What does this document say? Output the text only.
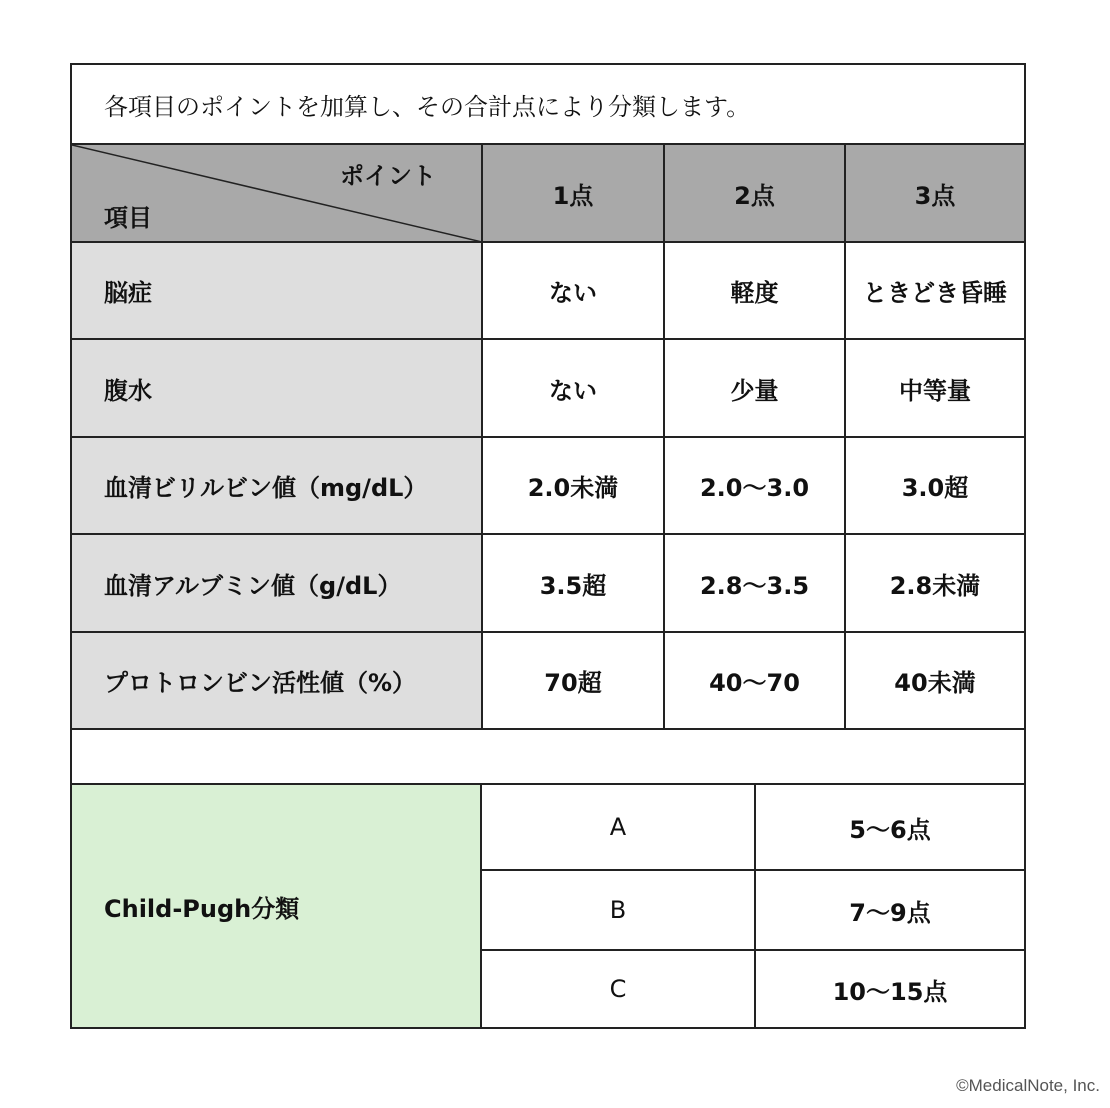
各項目のポイントを加算し、その合計点により分類します。
ポイント
項目
1点	2点	3点
脳症	ない	軽度	ときどき昏睡
腹水	ない	少量	中等量
血清ビリルビン値（mg/dL）	2.0未満	2.0〜3.0	3.0超
血清アルブミン値（g/dL）	3.5超	2.8〜3.5	2.8未満
プロトロンビン活性値（%）	70超	40〜70	40未満
Child-Pugh分類
A	5〜6点
B	7〜9点
C	10〜15点
©MedicalNote, Inc.
